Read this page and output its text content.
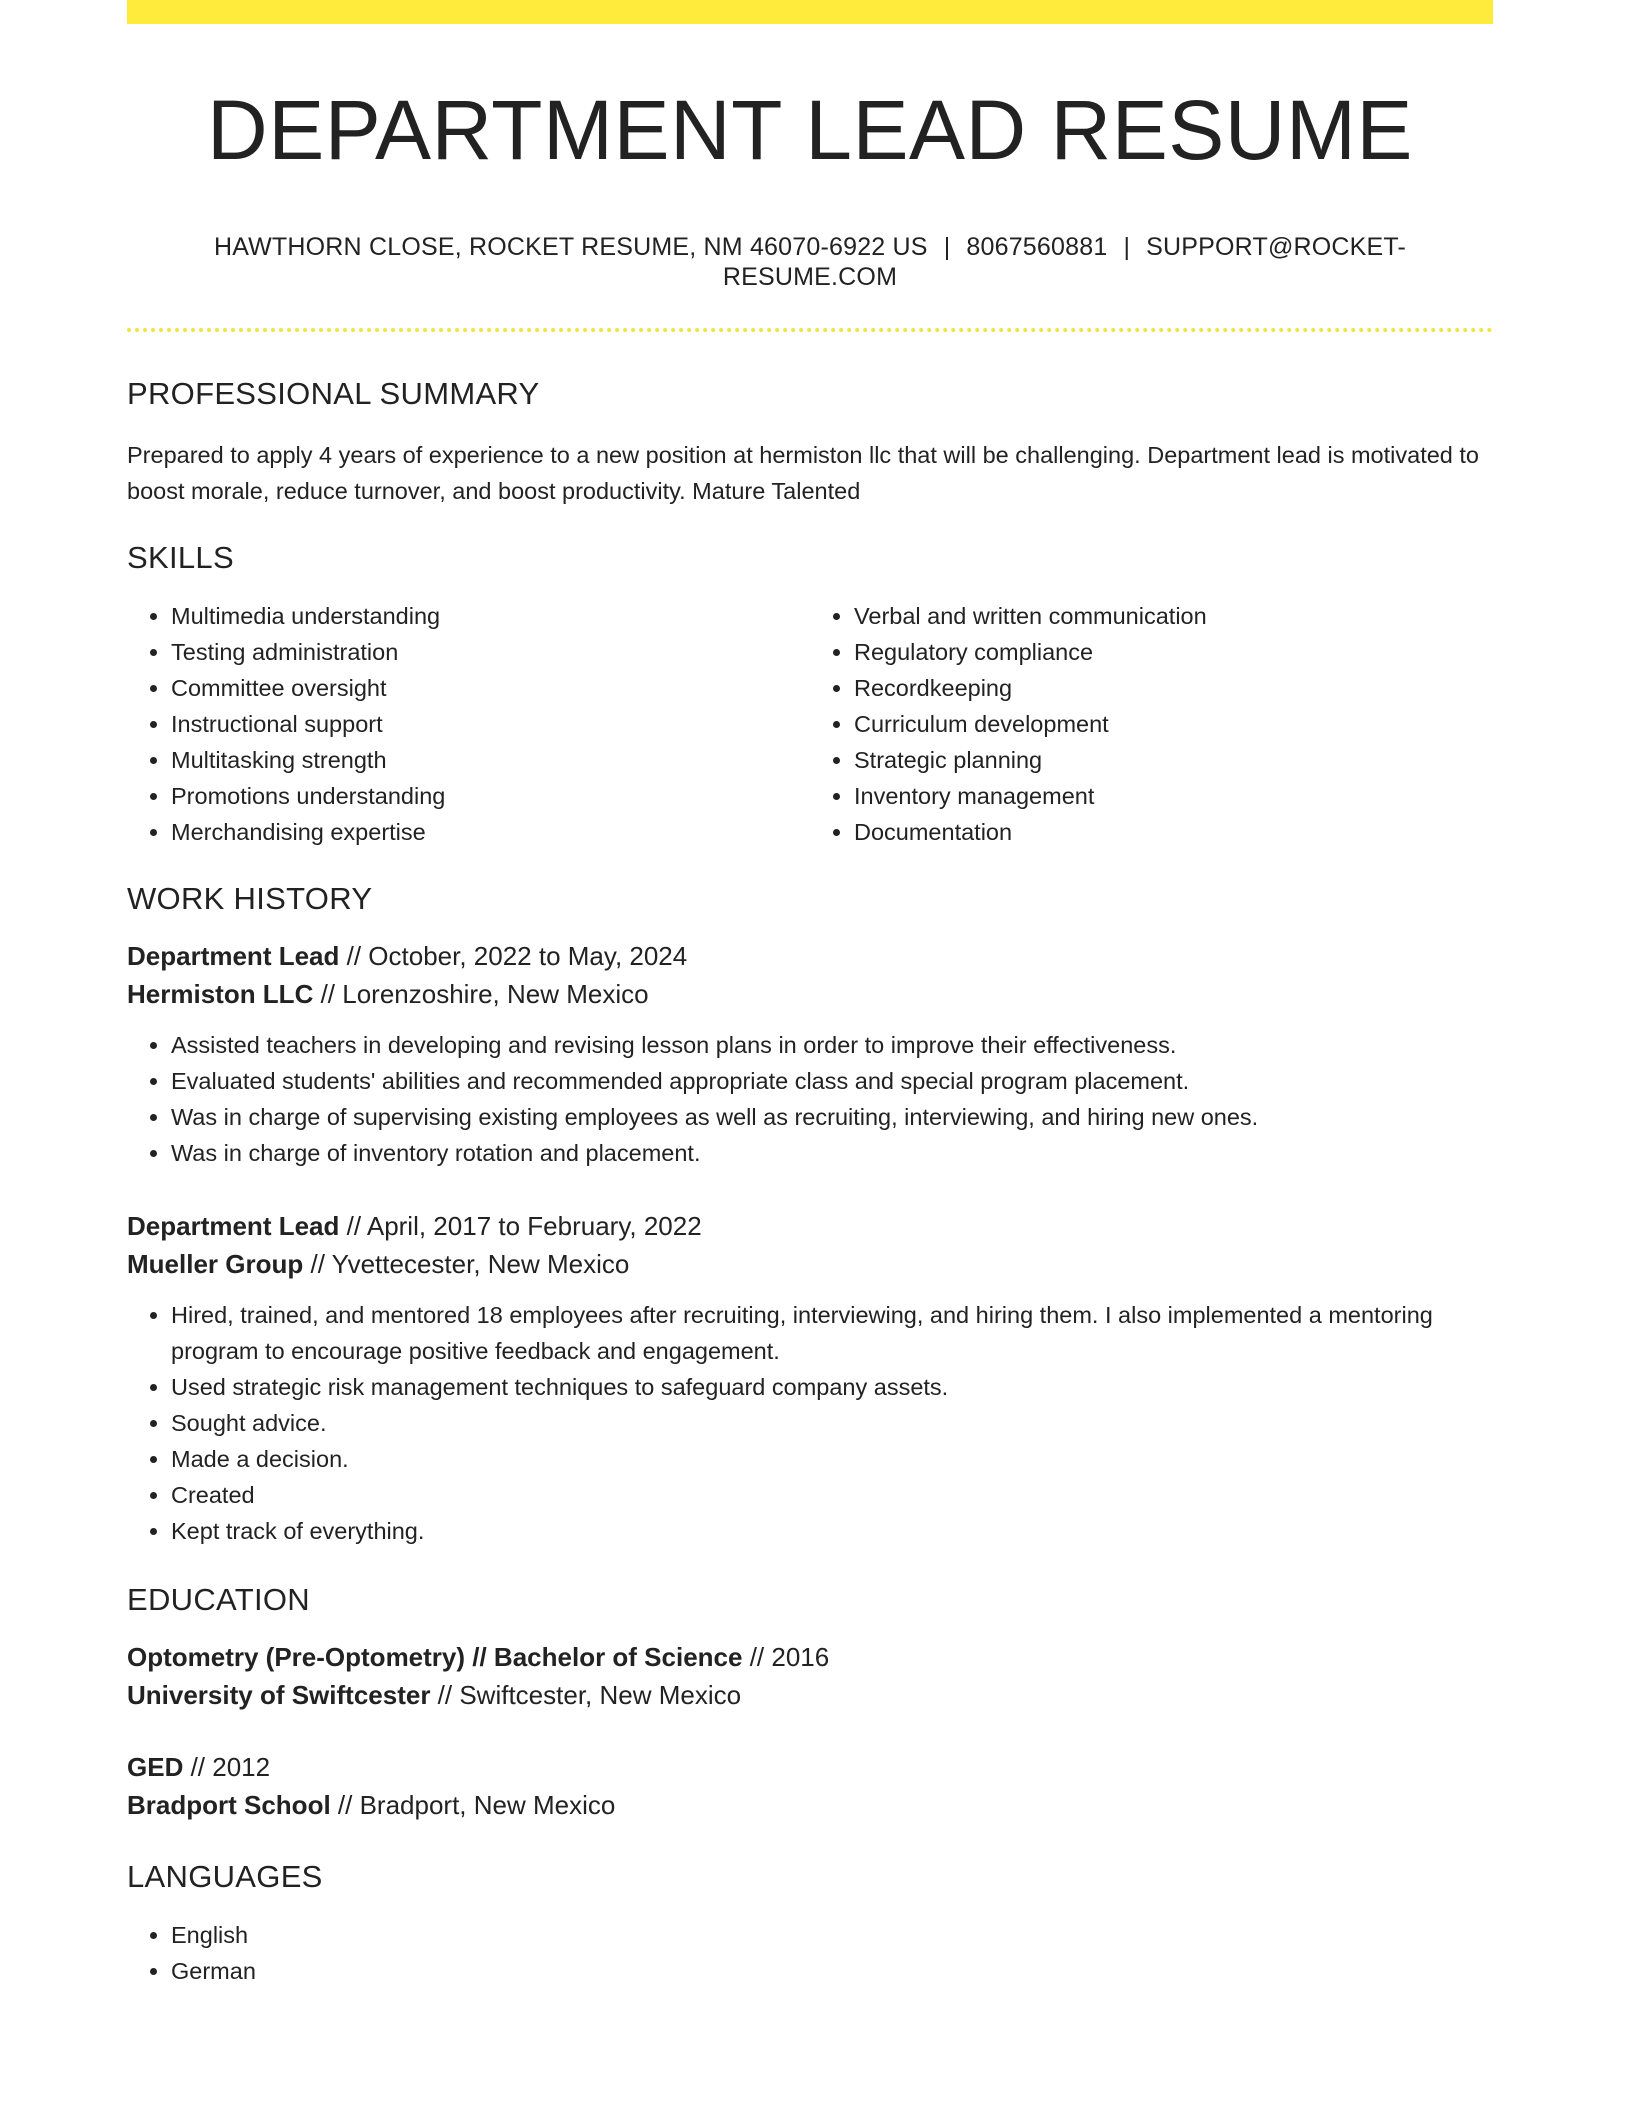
DEPARTMENT LEAD RESUME
HAWTHORN CLOSE, ROCKET RESUME, NM 46070-6922 US | 8067560881 | SUPPORT@ROCKET-RESUME.COM
PROFESSIONAL SUMMARY
Prepared to apply 4 years of experience to a new position at hermiston llc that will be challenging. Department lead is motivated to boost morale, reduce turnover, and boost productivity. Mature Talented
SKILLS
• Multimedia understanding
• Testing administration
• Committee oversight
• Instructional support
• Multitasking strength
• Promotions understanding
• Merchandising expertise
• Verbal and written communication
• Regulatory compliance
• Recordkeeping
• Curriculum development
• Strategic planning
• Inventory management
• Documentation
WORK HISTORY
Department Lead // October, 2022 to May, 2024
Hermiston LLC // Lorenzoshire, New Mexico
• Assisted teachers in developing and revising lesson plans in order to improve their effectiveness.
• Evaluated students' abilities and recommended appropriate class and special program placement.
• Was in charge of supervising existing employees as well as recruiting, interviewing, and hiring new ones.
• Was in charge of inventory rotation and placement.
Department Lead // April, 2017 to February, 2022
Mueller Group // Yvettecester, New Mexico
• Hired, trained, and mentored 18 employees after recruiting, interviewing, and hiring them. I also implemented a mentoring program to encourage positive feedback and engagement.
• Used strategic risk management techniques to safeguard company assets.
• Sought advice.
• Made a decision.
• Created
• Kept track of everything.
EDUCATION
Optometry (Pre-Optometry) // Bachelor of Science // 2016
University of Swiftcester // Swiftcester, New Mexico
GED // 2012
Bradport School // Bradport, New Mexico
LANGUAGES
• English
• German
